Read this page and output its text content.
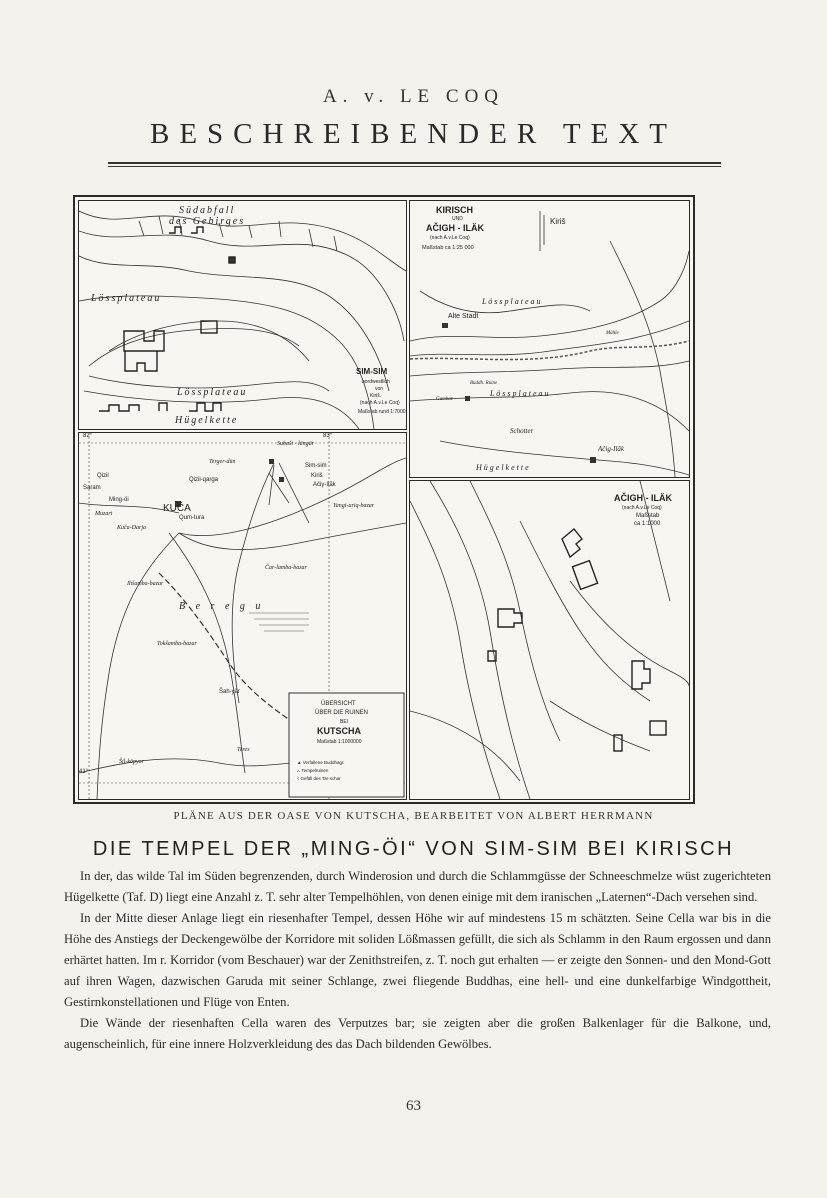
A. v. LE COQ
BESCHREIBENDER TEXT
Südabfall
des Gebirges
Lössplateau
Lössplateau
Hügelkette
SIM-SIM
nordwestlich
von
Kiriš.
(nach A.v.Le Coq)
Maßstab rund 1:7000
KIRISCH
UND
AČIGH - ILÄK
(nach A.v.Le Coq)
Maßstab ca 1:25 000
Kiriš
Alte Stadt
L ö s s p l a t e a u
Mühle
Buddh. Ruine
Gumbaz
L ö s s p l a t e a u
Schotter
Ačig-Ilāk
H ü g e l k e t t e
82°	83°
41°
Subaši - längär
Sim-sim
Kiriš
Ačiγ-Ilāk
Terger-dün
Qizil
Qizil-qarga
Saram
Ming-öi
Muzart	KUČA
Qum-tura
Kuča-Darja
Yangi-ariq-bazar
Čar-lamba-bazar
Ihšamba-bazar
Tokšamba-bazar
B e r e g u
Šah-yār
Teres
Šil-köpyor
ÜBERSICHT
ÜBER DIE RUINEN
BEI
KUTSCHA
Maßstab 1:1000000
▲ Verfallene Buddhagr.
⛬ Tempelruinen
⌇ Gefäll des Tar-schar
AČIGH - ILÄK
(nach A.v.Le Coq)
Maßstab
ca 1:1000
PLÄNE AUS DER OASE VON KUTSCHA, BEARBEITET VON ALBERT HERRMANN
DIE TEMPEL DER „MING-ÖI“ VON SIM-SIM BEI KIRISCH

In der, das wilde Tal im Süden begrenzenden, durch Winderosion und durch die Schlammgüsse der Schneeschmelze wüst zugerichteten Hügelkette (Taf. D) liegt eine Anzahl z. T. sehr alter Tempelhöhlen, von denen einige mit dem iranischen „Laternen“-Dach versehen sind.

In der Mitte dieser Anlage liegt ein riesenhafter Tempel, dessen Höhe wir auf mindestens 15 m schätzten. Seine Cella war bis in die Höhe des Anstiegs der Deckengewölbe der Korridore mit soliden Lößmassen gefüllt, die sich als Schlamm in den Raum ergossen und dann erhärtet hatten. Im r. Korridor (vom Beschauer) war der Zenithstreifen, z. T. noch gut erhalten — er zeigte den Sonnen- und den Mond-Gott auf ihren Wagen, dazwischen Garuda mit seiner Schlange, zwei fliegende Buddhas, eine hell- und eine dunkelfarbige Windgottheit, Gestirnkonstellationen und Flüge von Enten.

Die Wände der riesenhaften Cella waren des Verputzes bar; sie zeigten aber die großen Balkenlager für die Balkone, und, augenscheinlich, für eine innere Holzverkleidung des das Dach bildenden Gewölbes.

63
